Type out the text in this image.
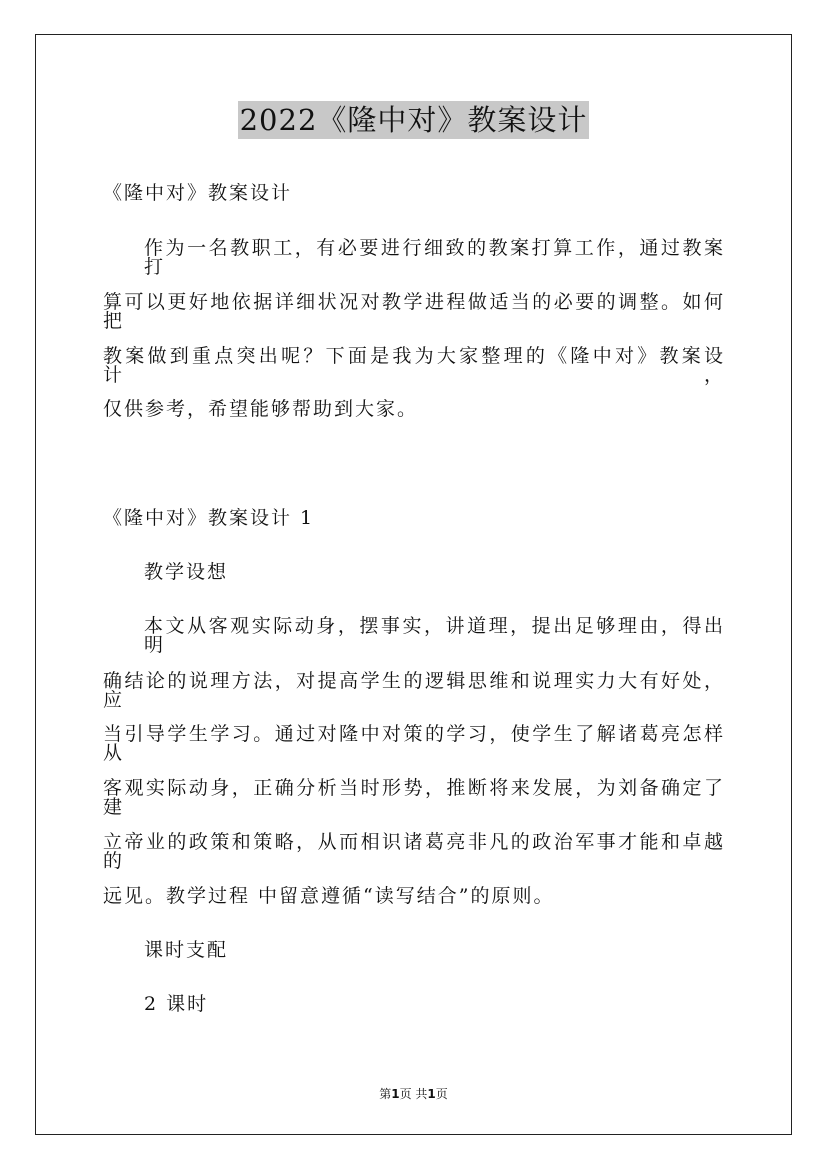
2022《隆中对》教案设计
《隆中对》教案设计
作为一名教职工，有必要进行细致的教案打算工作，通过教案打
算可以更好地依据详细状况对教学进程做适当的必要的调整。如何把
教案做到重点突出呢？下面是我为大家整理的《隆中对》教案设计，
仅供参考，希望能够帮助到大家。
《隆中对》教案设计 1
教学设想
本文从客观实际动身，摆事实，讲道理，提出足够理由，得出明
确结论的说理方法，对提高学生的逻辑思维和说理实力大有好处，应
当引导学生学习。通过对隆中对策的学习，使学生了解诸葛亮怎样从
客观实际动身，正确分析当时形势，推断将来发展，为刘备确定了建
立帝业的政策和策略，从而相识诸葛亮非凡的政治军事才能和卓越的
远见。教学过程 中留意遵循“读写结合”的原则。
课时支配
2 课时
第1页 共1页
